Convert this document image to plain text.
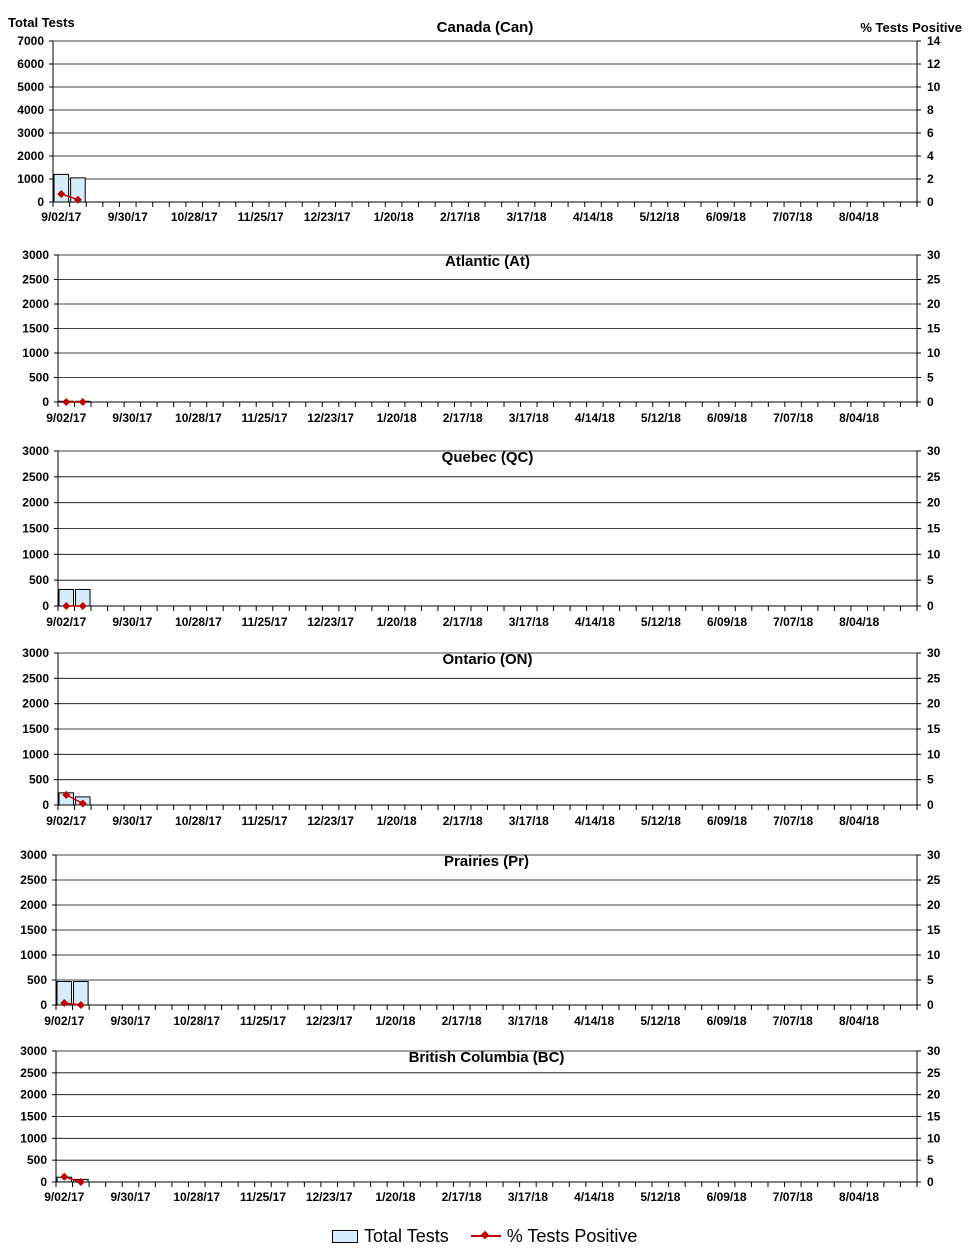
0
1000
2000
3000
4000
5000
6000
7000
0
2
4
6
8
10
12
14
9/02/17 9/30/17 10/28/17 11/25/17 12/23/17 1/20/18 2/17/18 3/17/18 4/14/18 5/12/18 6/09/18 7/07/18 8/04/18
Canada (Can)
Total Tests	% Tests Positive
0
500
1000
1500
2000
2500
3000
0
5
10
15
20
25
30
9/02/17 9/30/17 10/28/17 11/25/17 12/23/17 1/20/18 2/17/18 3/17/18 4/14/18 5/12/18 6/09/18 7/07/18 8/04/18
Atlantic (At)
0
500
1000
1500
2000
2500
3000
0
5
10
15
20
25
30
9/02/17 9/30/17 10/28/17 11/25/17 12/23/17 1/20/18 2/17/18 3/17/18 4/14/18 5/12/18 6/09/18 7/07/18 8/04/18
Quebec (QC)
0
500
1000
1500
2000
2500
3000
0
5
10
15
20
25
30
9/02/17 9/30/17 10/28/17 11/25/17 12/23/17 1/20/18 2/17/18 3/17/18 4/14/18 5/12/18 6/09/18 7/07/18 8/04/18
Ontario (ON)
0
500
1000
1500
2000
2500
3000
0
5
10
15
20
25
30
9/02/17 9/30/17 10/28/17 11/25/17 12/23/17 1/20/18 2/17/18 3/17/18 4/14/18 5/12/18 6/09/18 7/07/18 8/04/18
Prairies (Pr)
0
500
1000
1500
2000
2500
3000
0
5
10
15
20
25
30
9/02/17 9/30/17 10/28/17 11/25/17 12/23/17 1/20/18 2/17/18 3/17/18 4/14/18 5/12/18 6/09/18 7/07/18 8/04/18
British Columbia (BC)
Total Tests	% Tests Positive
